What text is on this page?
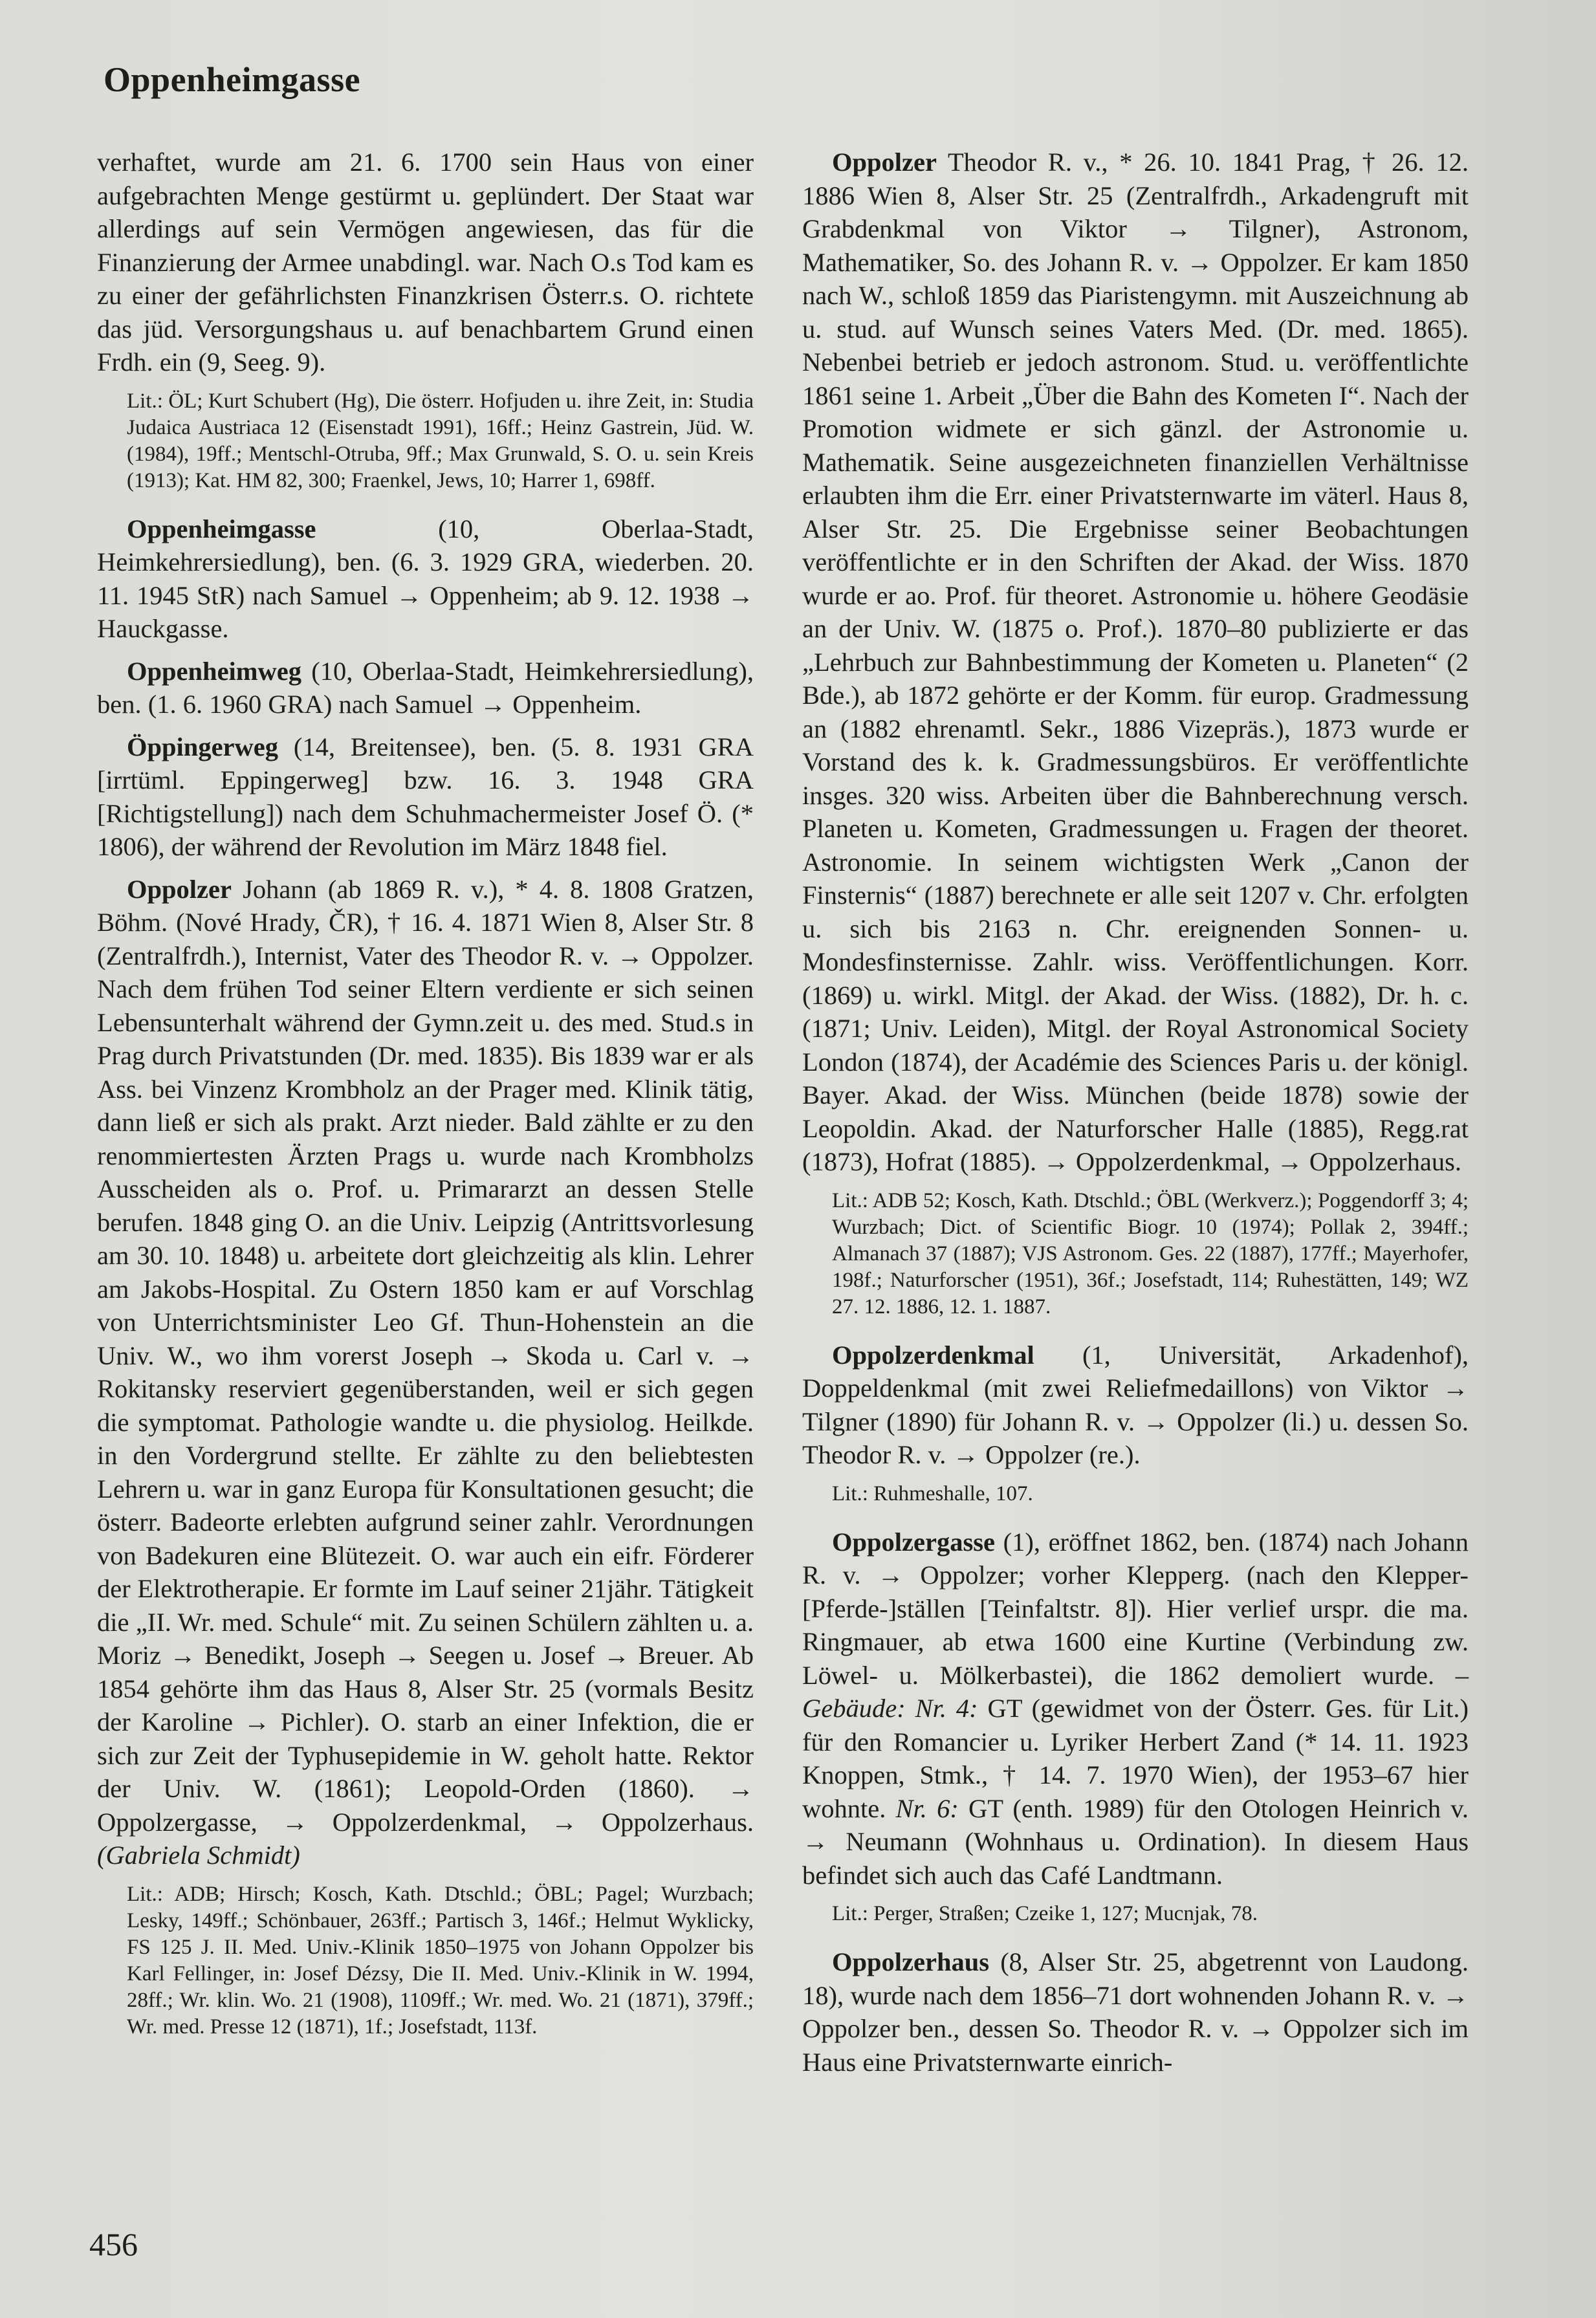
Oppenheimgasse

verhaftet, wurde am 21. 6. 1700 sein Haus von einer aufgebrachten Menge gestürmt u. geplündert. Der Staat war allerdings auf sein Vermögen angewiesen, das für die Finanzierung der Armee unabdingl. war. Nach O.s Tod kam es zu einer der gefährlichsten Finanzkrisen Österr.s. O. richtete das jüd. Versorgungshaus u. auf benachbartem Grund einen Frdh. ein (9, Seeg. 9).

Lit.: ÖL; Kurt Schubert (Hg), Die österr. Hofjuden u. ihre Zeit, in: Studia Judaica Austriaca 12 (Eisenstadt 1991), 16ff.; Heinz Gastrein, Jüd. W. (1984), 19ff.; Mentschl-Otruba, 9ff.; Max Grunwald, S. O. u. sein Kreis (1913); Kat. HM 82, 300; Fraenkel, Jews, 10; Harrer 1, 698ff.

Oppenheimgasse (10, Oberlaa-Stadt, Heimkehrersiedlung), ben. (6. 3. 1929 GRA, wiederben. 20. 11. 1945 StR) nach Samuel → Oppenheim; ab 9. 12. 1938 → Hauckgasse.

Oppenheimweg (10, Oberlaa-Stadt, Heimkehrersiedlung), ben. (1. 6. 1960 GRA) nach Samuel → Oppenheim.

Öppingerweg (14, Breitensee), ben. (5. 8. 1931 GRA [irrtüml. Eppingerweg] bzw. 16. 3. 1948 GRA [Richtigstellung]) nach dem Schuhmachermeister Josef Ö. (* 1806), der während der Revolution im März 1848 fiel.

Oppolzer Johann (ab 1869 R. v.), * 4. 8. 1808 Gratzen, Böhm. (Nové Hrady, ČR), † 16. 4. 1871 Wien 8, Alser Str. 8 (Zentralfrdh.), Internist, Vater des Theodor R. v. → Oppolzer. Nach dem frühen Tod seiner Eltern verdiente er sich seinen Lebensunterhalt während der Gymn.zeit u. des med. Stud.s in Prag durch Privatstunden (Dr. med. 1835). Bis 1839 war er als Ass. bei Vinzenz Krombholz an der Prager med. Klinik tätig, dann ließ er sich als prakt. Arzt nieder. Bald zählte er zu den renommiertesten Ärzten Prags u. wurde nach Krombholzs Ausscheiden als o. Prof. u. Primararzt an dessen Stelle berufen. 1848 ging O. an die Univ. Leipzig (Antrittsvorlesung am 30. 10. 1848) u. arbeitete dort gleichzeitig als klin. Lehrer am Jakobs-Hospital. Zu Ostern 1850 kam er auf Vorschlag von Unterrichtsminister Leo Gf. Thun-Hohenstein an die Univ. W., wo ihm vorerst Joseph → Skoda u. Carl v. → Rokitansky reserviert gegenüberstanden, weil er sich gegen die symptomat. Pathologie wandte u. die physiolog. Heilkde. in den Vordergrund stellte. Er zählte zu den beliebtesten Lehrern u. war in ganz Europa für Konsultationen gesucht; die österr. Badeorte erlebten aufgrund seiner zahlr. Verordnungen von Badekuren eine Blütezeit. O. war auch ein eifr. Förderer der Elektrotherapie. Er formte im Lauf seiner 21jähr. Tätigkeit die „II. Wr. med. Schule“ mit. Zu seinen Schülern zählten u. a. Moriz → Benedikt, Joseph → Seegen u. Josef → Breuer. Ab 1854 gehörte ihm das Haus 8, Alser Str. 25 (vormals Besitz der Karoline → Pichler). O. starb an einer Infektion, die er sich zur Zeit der Typhusepidemie in W. geholt hatte. Rektor der Univ. W. (1861); Leopold-Orden (1860). → Oppolzergasse, → Oppolzerdenkmal, → Oppolzerhaus. (Gabriela Schmidt)

Lit.: ADB; Hirsch; Kosch, Kath. Dtschld.; ÖBL; Pagel; Wurzbach; Lesky, 149ff.; Schönbauer, 263ff.; Partisch 3, 146f.; Helmut Wyklicky, FS 125 J. II. Med. Univ.-Klinik 1850–1975 von Johann Oppolzer bis Karl Fellinger, in: Josef Dézsy, Die II. Med. Univ.-Klinik in W. 1994, 28ff.; Wr. klin. Wo. 21 (1908), 1109ff.; Wr. med. Wo. 21 (1871), 379ff.; Wr. med. Presse 12 (1871), 1f.; Josefstadt, 113f.

Oppolzer Theodor R. v., * 26. 10. 1841 Prag, † 26. 12. 1886 Wien 8, Alser Str. 25 (Zentralfrdh., Arkadengruft mit Grabdenkmal von Viktor → Tilgner), Astronom, Mathematiker, So. des Johann R. v. → Oppolzer. Er kam 1850 nach W., schloß 1859 das Piaristengymn. mit Auszeichnung ab u. stud. auf Wunsch seines Vaters Med. (Dr. med. 1865). Nebenbei betrieb er jedoch astronom. Stud. u. veröffentlichte 1861 seine 1. Arbeit „Über die Bahn des Kometen I“. Nach der Promotion widmete er sich gänzl. der Astronomie u. Mathematik. Seine ausgezeichneten finanziellen Verhältnisse erlaubten ihm die Err. einer Privatsternwarte im väterl. Haus 8, Alser Str. 25. Die Ergebnisse seiner Beobachtungen veröffentlichte er in den Schriften der Akad. der Wiss. 1870 wurde er ao. Prof. für theoret. Astronomie u. höhere Geodäsie an der Univ. W. (1875 o. Prof.). 1870–80 publizierte er das „Lehrbuch zur Bahnbestimmung der Kometen u. Planeten“ (2 Bde.), ab 1872 gehörte er der Komm. für europ. Gradmessung an (1882 ehrenamtl. Sekr., 1886 Vizepräs.), 1873 wurde er Vorstand des k. k. Gradmessungsbüros. Er veröffentlichte insges. 320 wiss. Arbeiten über die Bahnberechnung versch. Planeten u. Kometen, Gradmessungen u. Fragen der theoret. Astronomie. In seinem wichtigsten Werk „Canon der Finsternis“ (1887) berechnete er alle seit 1207 v. Chr. erfolgten u. sich bis 2163 n. Chr. ereignenden Sonnen- u. Mondesfinsternisse. Zahlr. wiss. Veröffentlichungen. Korr. (1869) u. wirkl. Mitgl. der Akad. der Wiss. (1882), Dr. h. c. (1871; Univ. Leiden), Mitgl. der Royal Astronomical Society London (1874), der Académie des Sciences Paris u. der königl. Bayer. Akad. der Wiss. München (beide 1878) sowie der Leopoldin. Akad. der Naturforscher Halle (1885), Regg.rat (1873), Hofrat (1885). → Oppolzerdenkmal, → Oppolzerhaus.

Lit.: ADB 52; Kosch, Kath. Dtschld.; ÖBL (Werkverz.); Poggendorff 3; 4; Wurzbach; Dict. of Scientific Biogr. 10 (1974); Pollak 2, 394ff.; Almanach 37 (1887); VJS Astronom. Ges. 22 (1887), 177ff.; Mayerhofer, 198f.; Naturforscher (1951), 36f.; Josefstadt, 114; Ruhestätten, 149; WZ 27. 12. 1886, 12. 1. 1887.

Oppolzerdenkmal (1, Universität, Arkadenhof), Doppeldenkmal (mit zwei Reliefmedaillons) von Viktor → Tilgner (1890) für Johann R. v. → Oppolzer (li.) u. dessen So. Theodor R. v. → Oppolzer (re.).

Lit.: Ruhmeshalle, 107.

Oppolzergasse (1), eröffnet 1862, ben. (1874) nach Johann R. v. → Oppolzer; vorher Klepperg. (nach den Klepper-[Pferde-]ställen [Teinfaltstr. 8]). Hier verlief urspr. die ma. Ringmauer, ab etwa 1600 eine Kurtine (Verbindung zw. Löwel- u. Mölkerbastei), die 1862 demoliert wurde. – Gebäude: Nr. 4: GT (gewidmet von der Österr. Ges. für Lit.) für den Romancier u. Lyriker Herbert Zand (* 14. 11. 1923 Knoppen, Stmk., † 14. 7. 1970 Wien), der 1953–67 hier wohnte. Nr. 6: GT (enth. 1989) für den Otologen Heinrich v. → Neumann (Wohnhaus u. Ordination). In diesem Haus befindet sich auch das Café Landtmann.

Lit.: Perger, Straßen; Czeike 1, 127; Mucnjak, 78.

Oppolzerhaus (8, Alser Str. 25, abgetrennt von Laudong. 18), wurde nach dem 1856–71 dort wohnenden Johann R. v. → Oppolzer ben., dessen So. Theodor R. v. → Oppolzer sich im Haus eine Privatsternwarte einrich-

456
